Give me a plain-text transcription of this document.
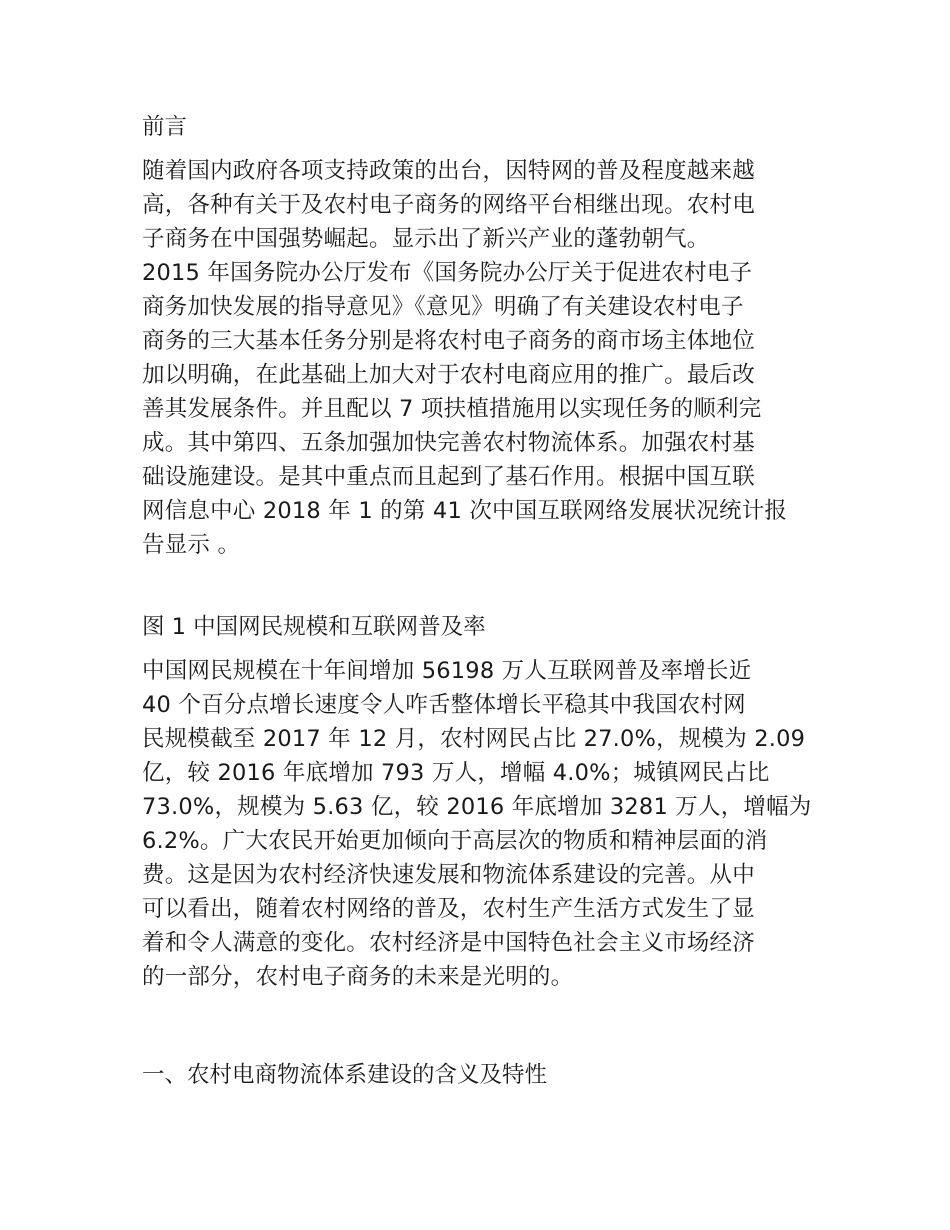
前言

随着国内政府各项支持政策的出台，因特网的普及程度越来越

高，各种有关于及农村电子商务的网络平台相继出现。农村电

子商务在中国强势崛起。显示出了新兴产业的蓬勃朝气。

2015 年国务院办公厅发布《国务院办公厅关于促进农村电子

商务加快发展的指导意见》《意见》明确了有关建设农村电子

商务的三大基本任务分别是将农村电子商务的商市场主体地位

加以明确，在此基础上加大对于农村电商应用的推广。最后改

善其发展条件。并且配以 7 项扶植措施用以实现任务的顺利完

成。其中第四、五条加强加快完善农村物流体系。加强农村基

础设施建设。是其中重点而且起到了基石作用。根据中国互联

网信息中心 2018 年 1 的第 41 次中国互联网络发展状况统计报

告显示 。

图 1 中国网民规模和互联网普及率

中国网民规模在十年间增加 56198 万人互联网普及率增长近

40 个百分点增长速度令人咋舌整体增长平稳其中我国农村网

民规模截至 2017 年 12 月，农村网民占比 27.0%，规模为 2.09

亿，较 2016 年底增加 793 万人，增幅 4.0%；城镇网民占比

73.0%，规模为 5.63 亿，较 2016 年底增加 3281 万人，增幅为

6.2%。广大农民开始更加倾向于高层次的物质和精神层面的消

费。这是因为农村经济快速发展和物流体系建设的完善。从中

可以看出，随着农村网络的普及，农村生产生活方式发生了显

着和令人满意的变化。农村经济是中国特色社会主义市场经济

的一部分，农村电子商务的未来是光明的。

一、农村电商物流体系建设的含义及特性
